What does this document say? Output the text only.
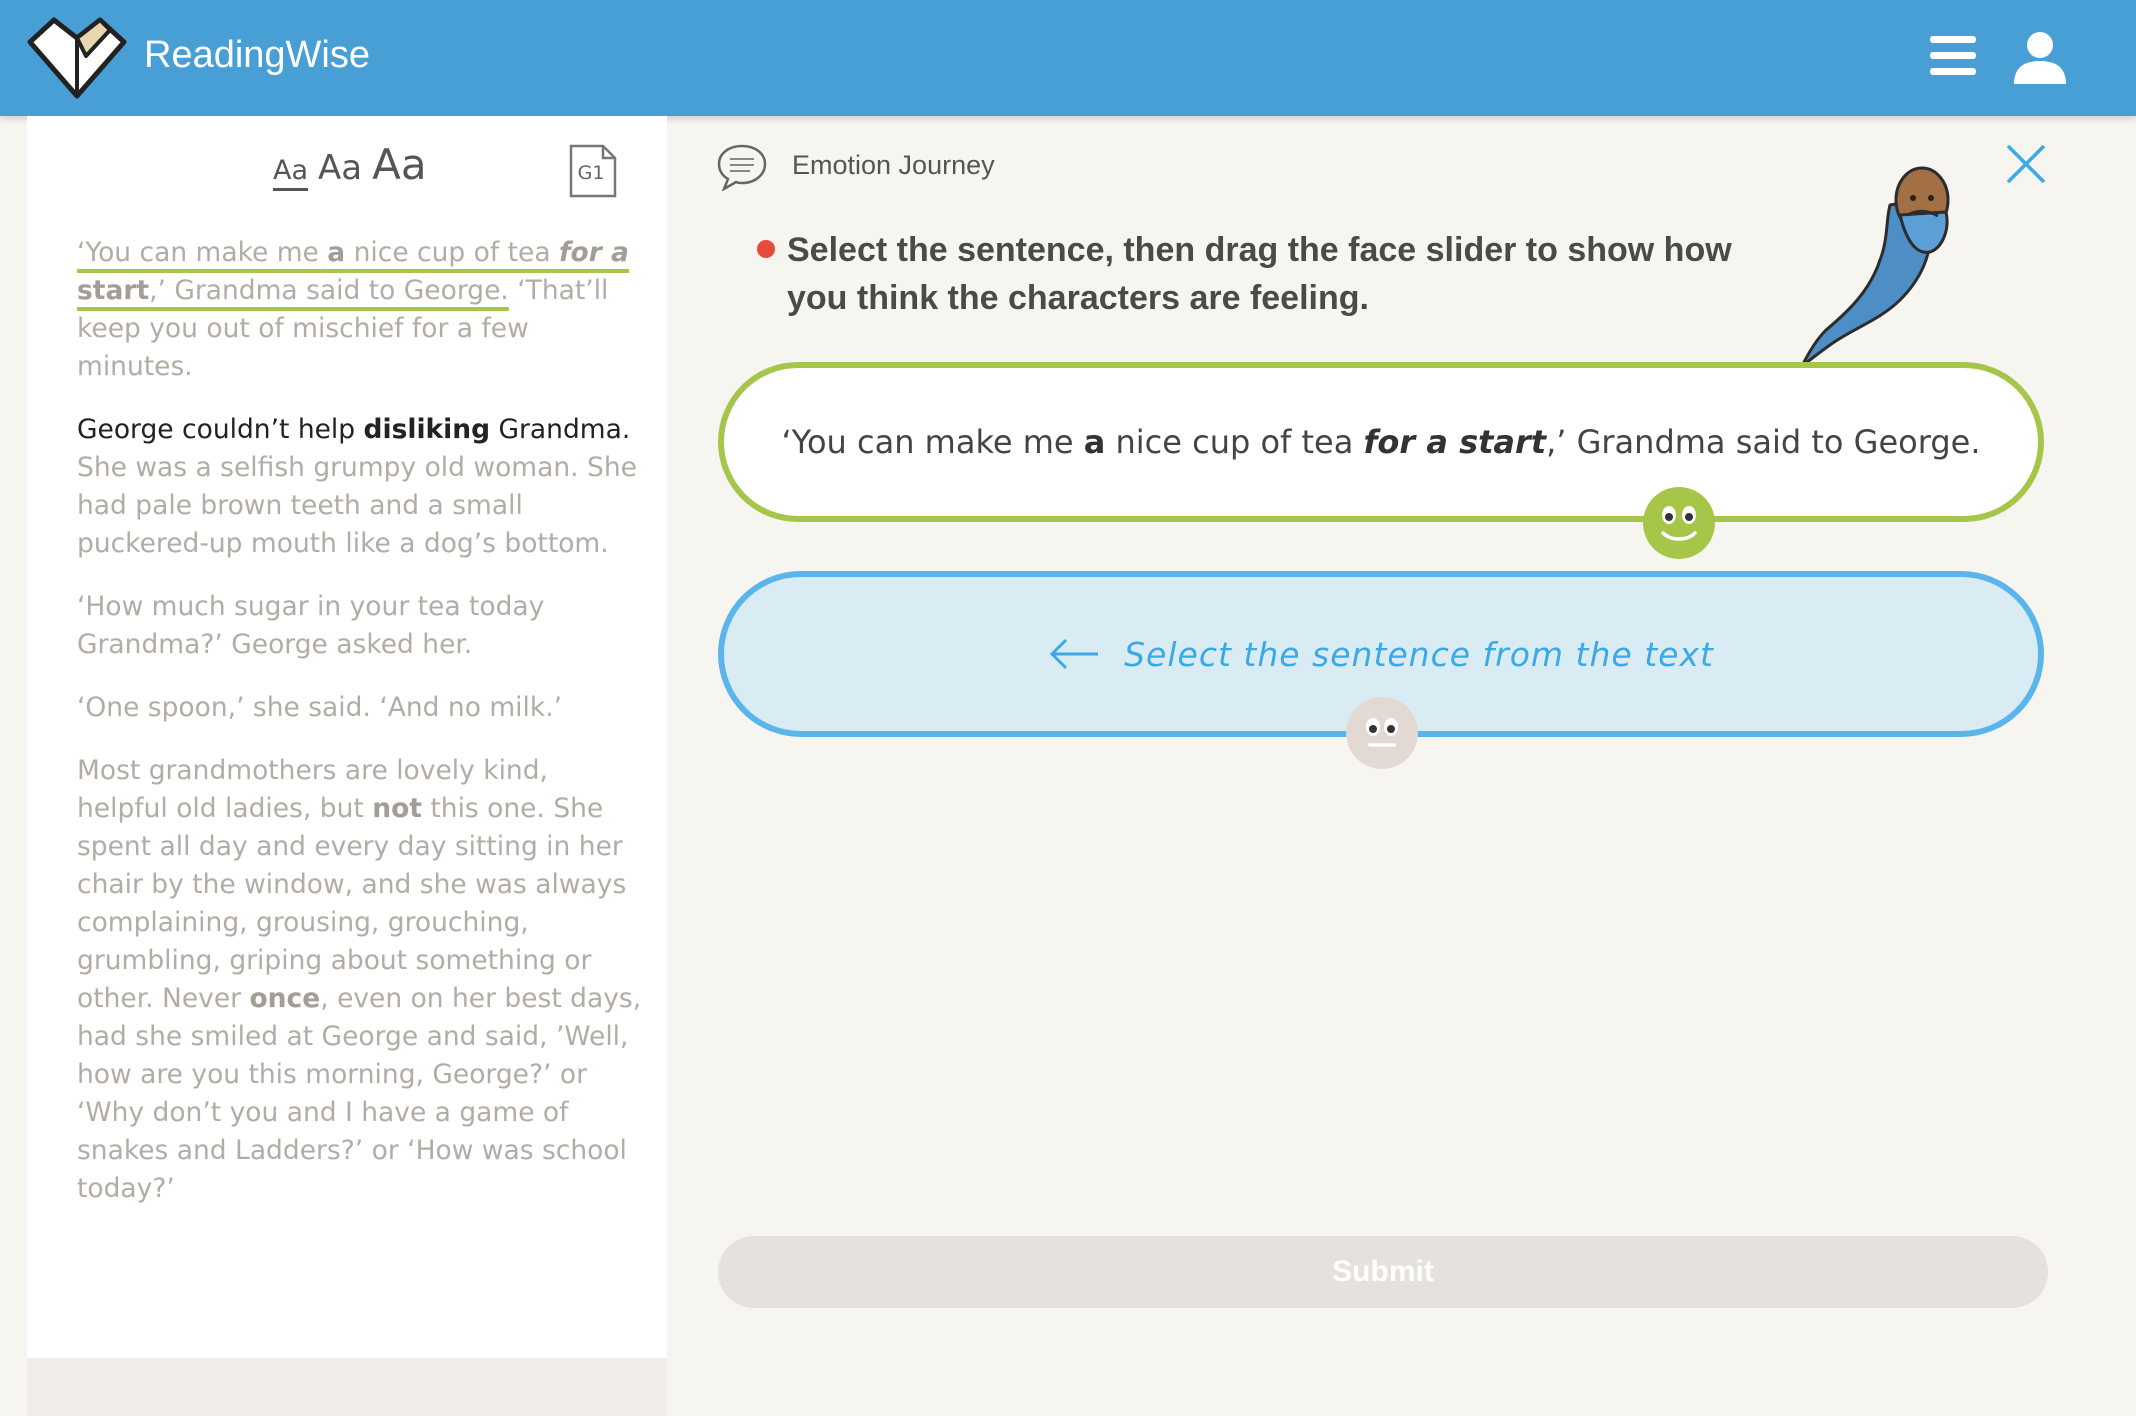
ReadingWise
Aa Aa Aa	G1

‘You can make me a nice cup of tea for a
start,’ Grandma said to George. ‘That’ll keep you out of mischief for a few minutes.

George couldn’t help disliking Grandma. She was a selfish grumpy old woman. She had pale brown teeth and a small puckered-up mouth like a dog’s bottom.

‘How much sugar in your tea today Grandma?’ George asked her.

‘One spoon,’ she said. ‘And no milk.’

Most grandmothers are lovely kind, helpful old ladies, but not this one. She spent all day and every day sitting in her chair by the window, and she was always complaining, grousing, grouching, grumbling, griping about something or other. Never once, even on her best days, had she smiled at George and said, ’Well, how are you this morning, George?’ or ‘Why don’t you and I have a game of snakes and Ladders?’ or ‘How was school today?’

Emotion Journey
Select the sentence, then drag the face slider to show how you think the characters are feeling.
‘You can make me a nice cup of tea for a start,’ Grandma said to George.
Select the sentence from the text
Submit
